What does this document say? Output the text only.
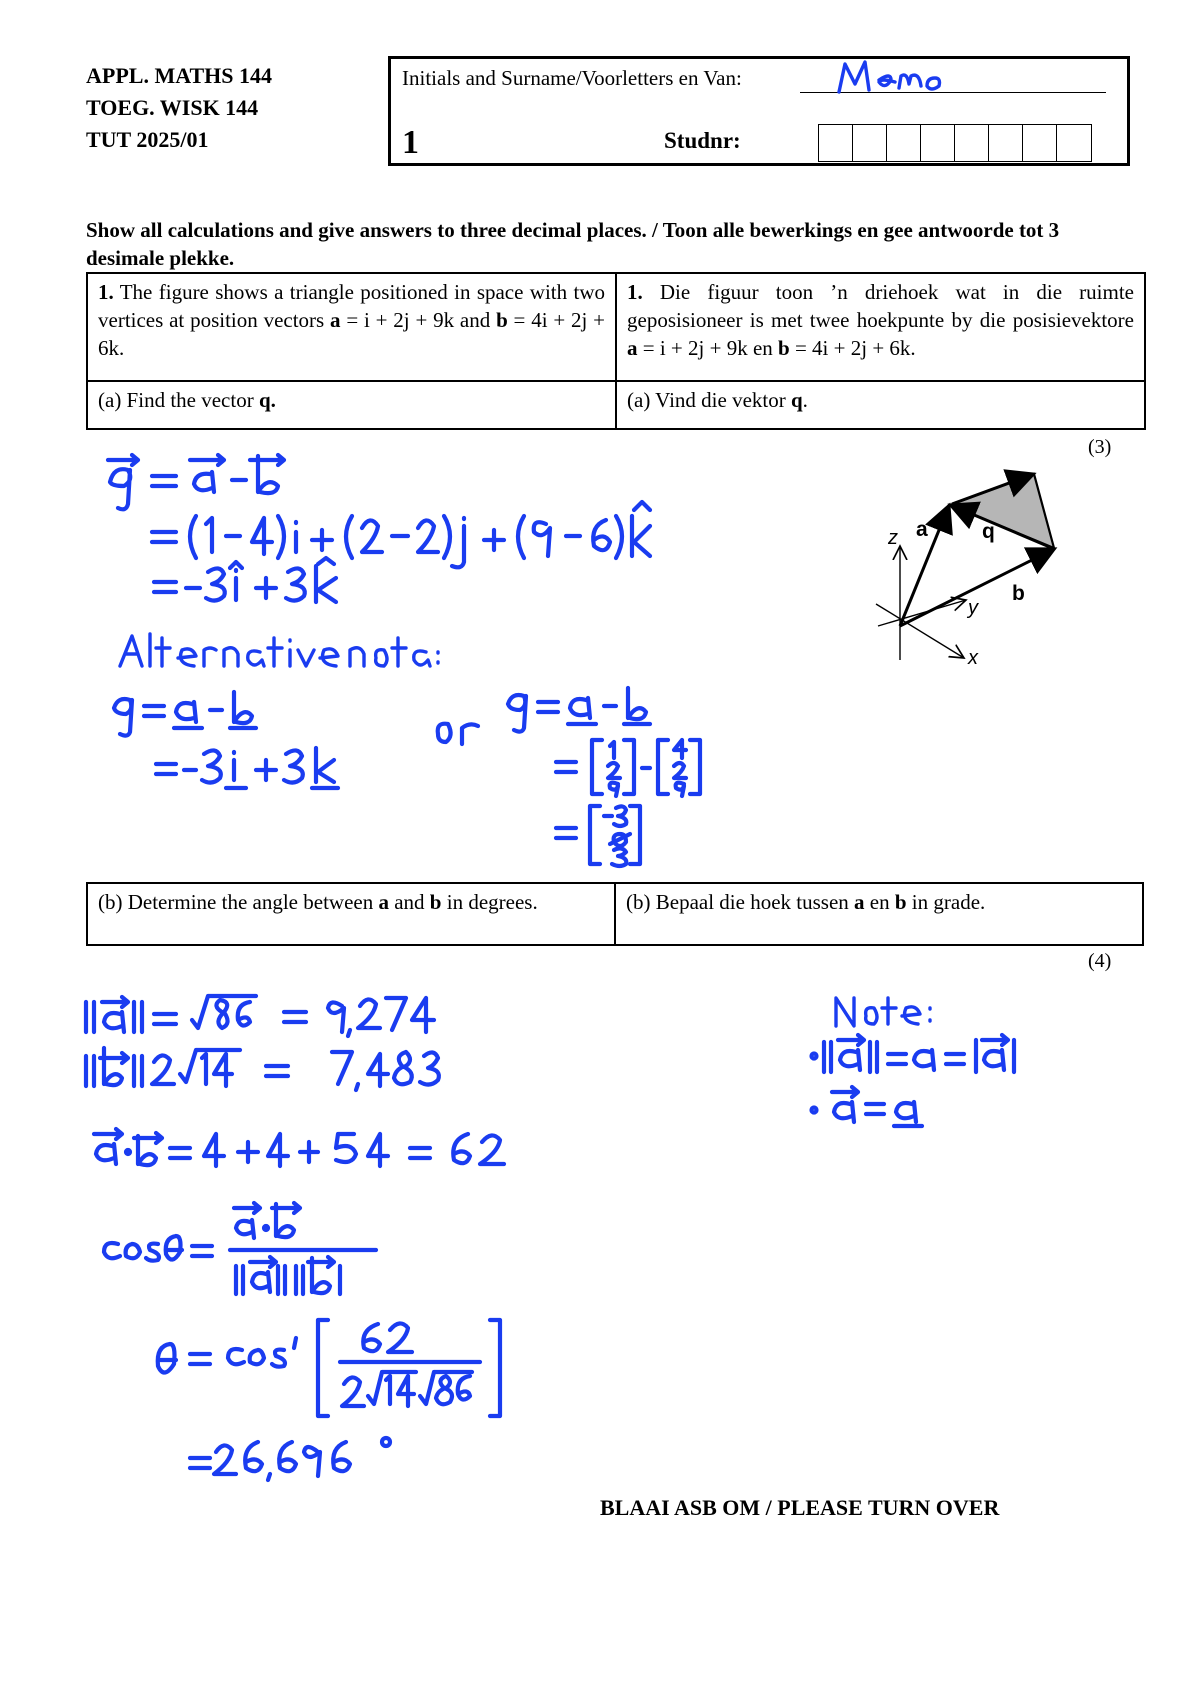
APPL. MATHS 144
TOEG. WISK 144
TUT 2025/01
Initials and Surname/Voorletters en Van:
1	Studnr:
Show all calculations and give answers to three decimal places. / Toon alle bewerkings en gee antwoorde tot 3 desimale plekke.
1. The figure shows a triangle positioned in space with two vertices at position vectors a = i + 2j + 9k and b = 4i + 2j + 6k.	1. Die figuur toon ’n driehoek wat in die ruimte geposisioneer is met twee hoekpunte by die posisievektore a = i + 2j + 9k en b = 4i + 2j + 6k.
(a) Find the vector q.	(a) Vind die vektor q.
(3)
z a	q
b
y
x
(b) Determine the angle between a and b in degrees.	(b) Bepaal die hoek tussen a en b in grade.
(4)
BLAAI ASB OM / PLEASE TURN OVER
